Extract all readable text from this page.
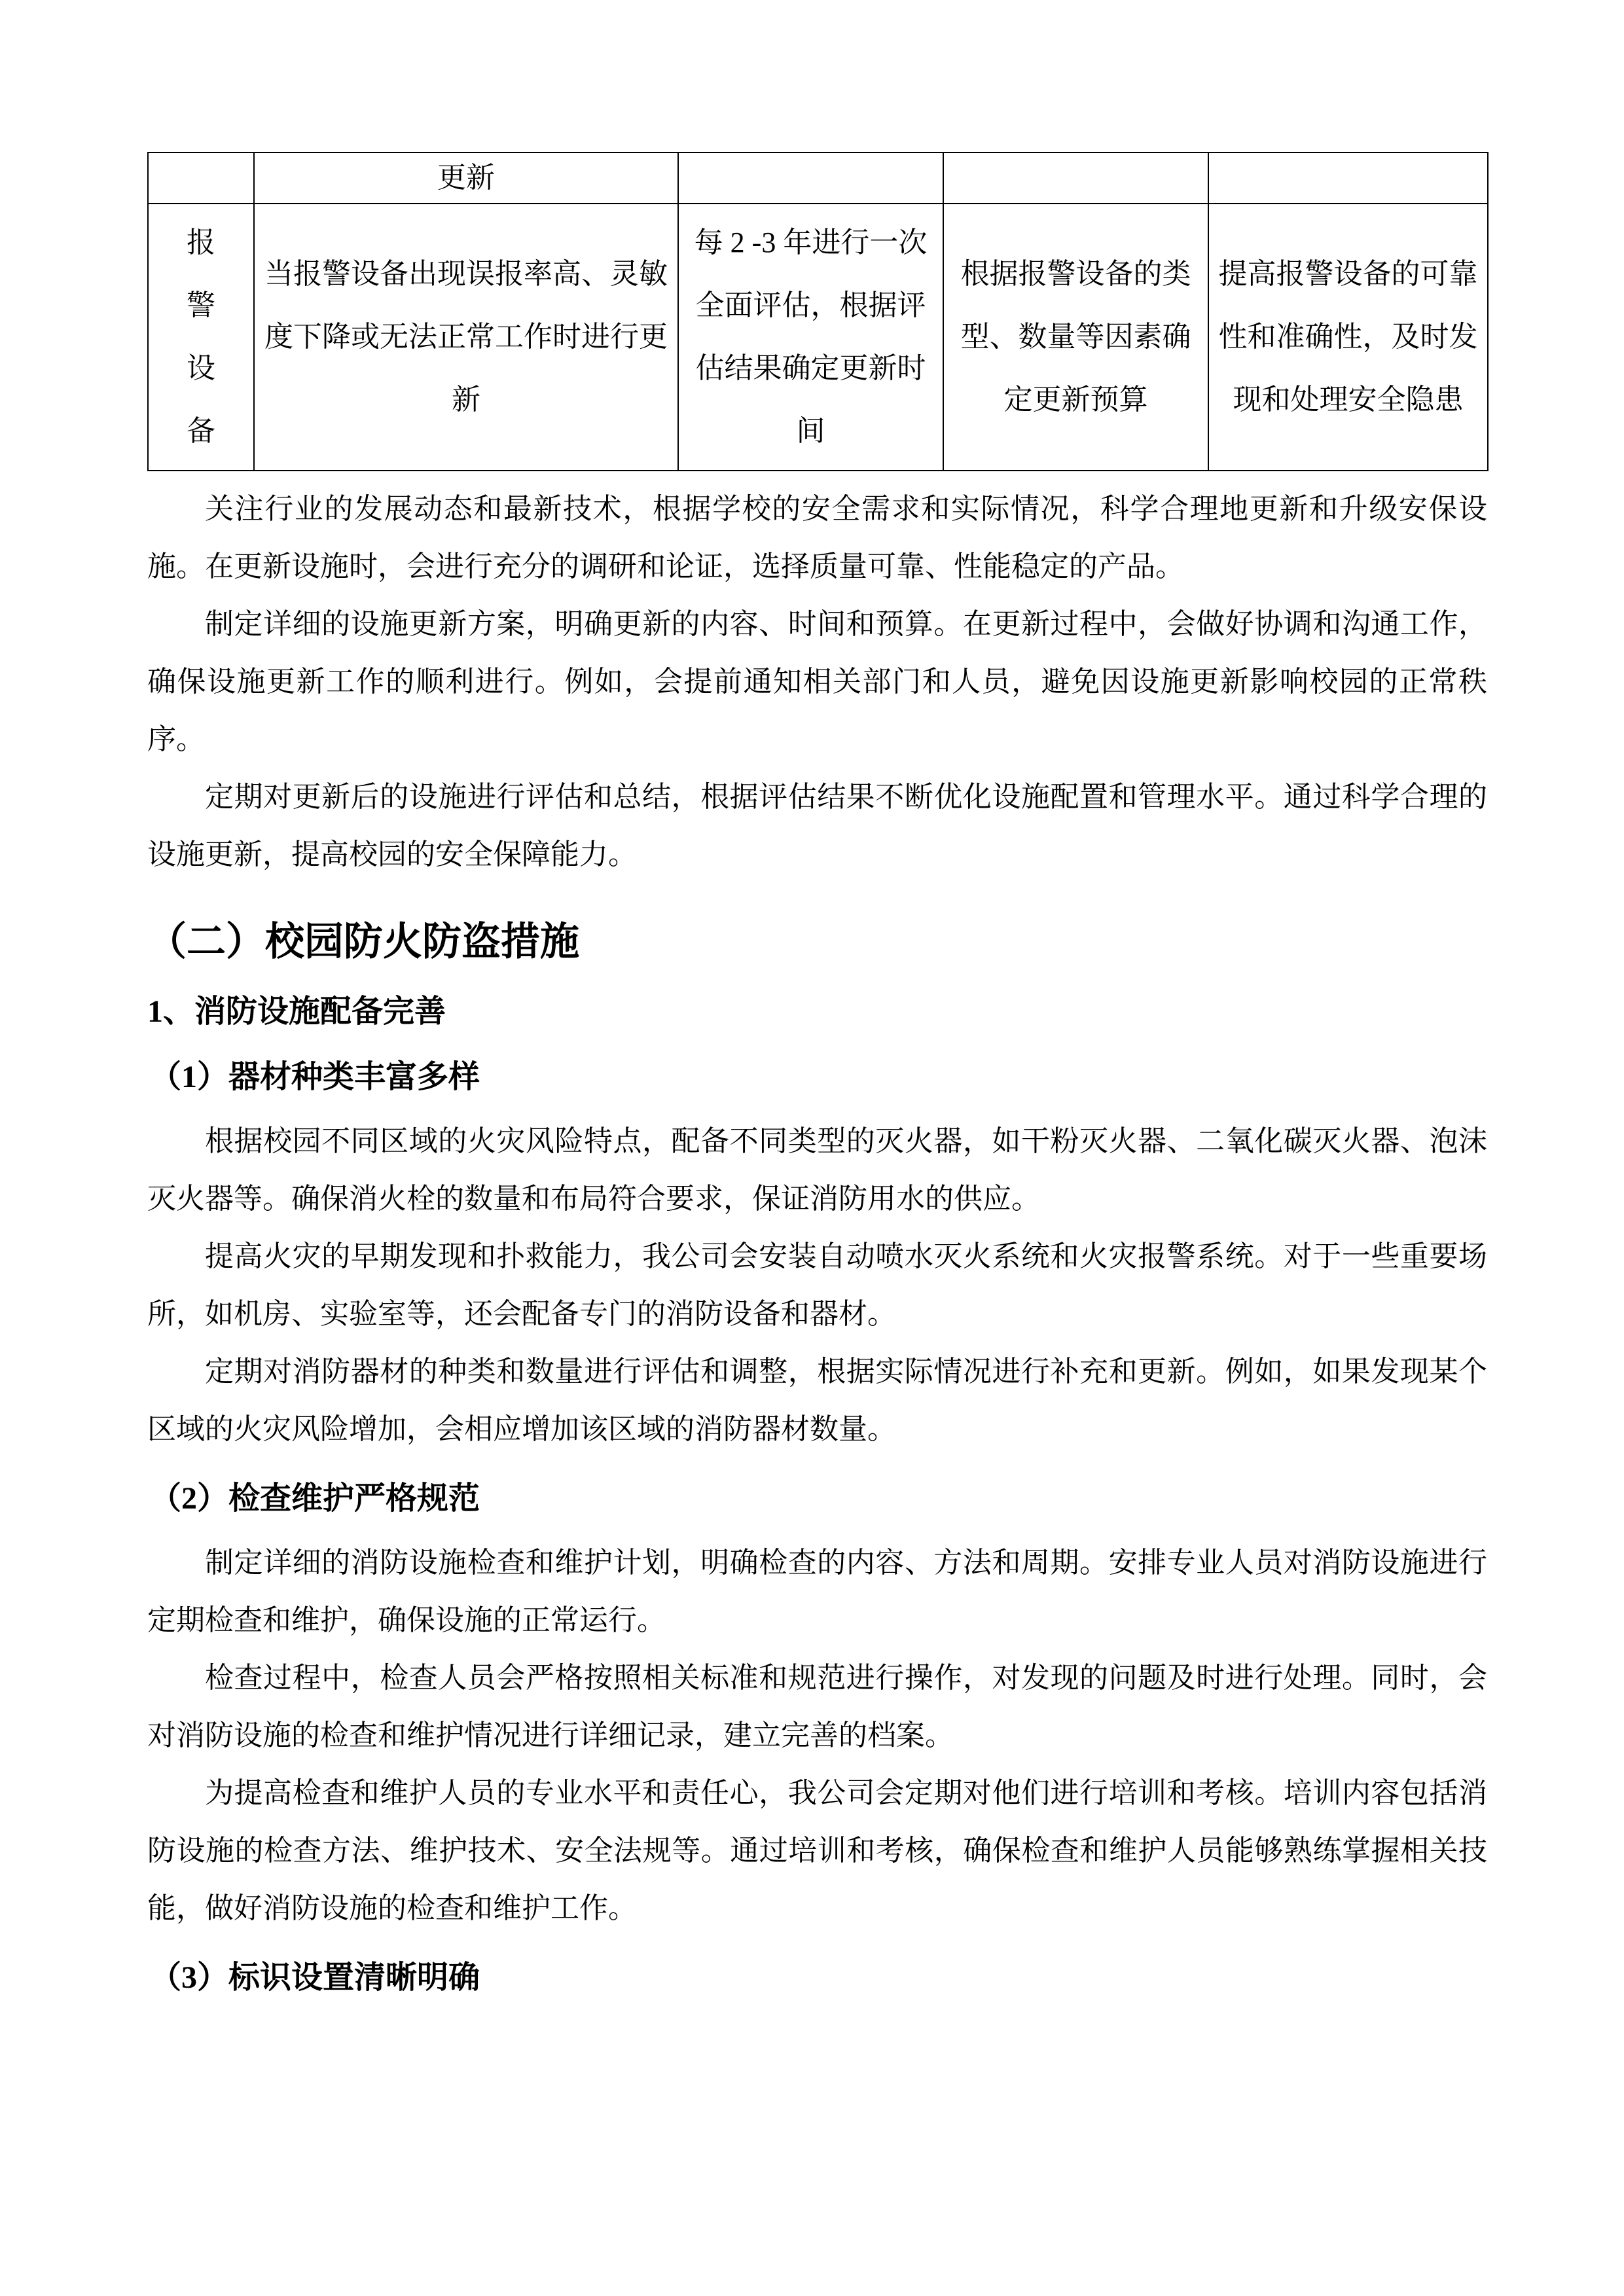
	更新			

报警设备	当报警设备出现误报率高、灵敏度下降或无法正常工作时进行更新	每 2 -3 年进行一次全面评估，根据评估结果确定更新时间	根据报警设备的类型、数量等因素确定更新预算	提高报警设备的可靠性和准确性，及时发现和处理安全隐患

关注行业的发展动态和最新技术，根据学校的安全需求和实际情况，科学合理地更新和升级安保设施。在更新设施时，会进行充分的调研和论证，选择质量可靠、性能稳定的产品。

制定详细的设施更新方案，明确更新的内容、时间和预算。在更新过程中，会做好协调和沟通工作，确保设施更新工作的顺利进行。例如，会提前通知相关部门和人员，避免因设施更新影响校园的正常秩序。

定期对更新后的设施进行评估和总结，根据评估结果不断优化设施配置和管理水平。通过科学合理的设施更新，提高校园的安全保障能力。

（二）校园防火防盗措施
1、消防设施配备完善
（1）器材种类丰富多样

根据校园不同区域的火灾风险特点，配备不同类型的灭火器，如干粉灭火器、二氧化碳灭火器、泡沫灭火器等。确保消火栓的数量和布局符合要求，保证消防用水的供应。

提高火灾的早期发现和扑救能力，我公司会安装自动喷水灭火系统和火灾报警系统。对于一些重要场所，如机房、实验室等，还会配备专门的消防设备和器材。

定期对消防器材的种类和数量进行评估和调整，根据实际情况进行补充和更新。例如，如果发现某个区域的火灾风险增加，会相应增加该区域的消防器材数量。

（2）检查维护严格规范

制定详细的消防设施检查和维护计划，明确检查的内容、方法和周期。安排专业人员对消防设施进行定期检查和维护，确保设施的正常运行。

检查过程中，检查人员会严格按照相关标准和规范进行操作，对发现的问题及时进行处理。同时，会对消防设施的检查和维护情况进行详细记录，建立完善的档案。

为提高检查和维护人员的专业水平和责任心，我公司会定期对他们进行培训和考核。培训内容包括消防设施的检查方法、维护技术、安全法规等。通过培训和考核，确保检查和维护人员能够熟练掌握相关技能，做好消防设施的检查和维护工作。

（3）标识设置清晰明确
